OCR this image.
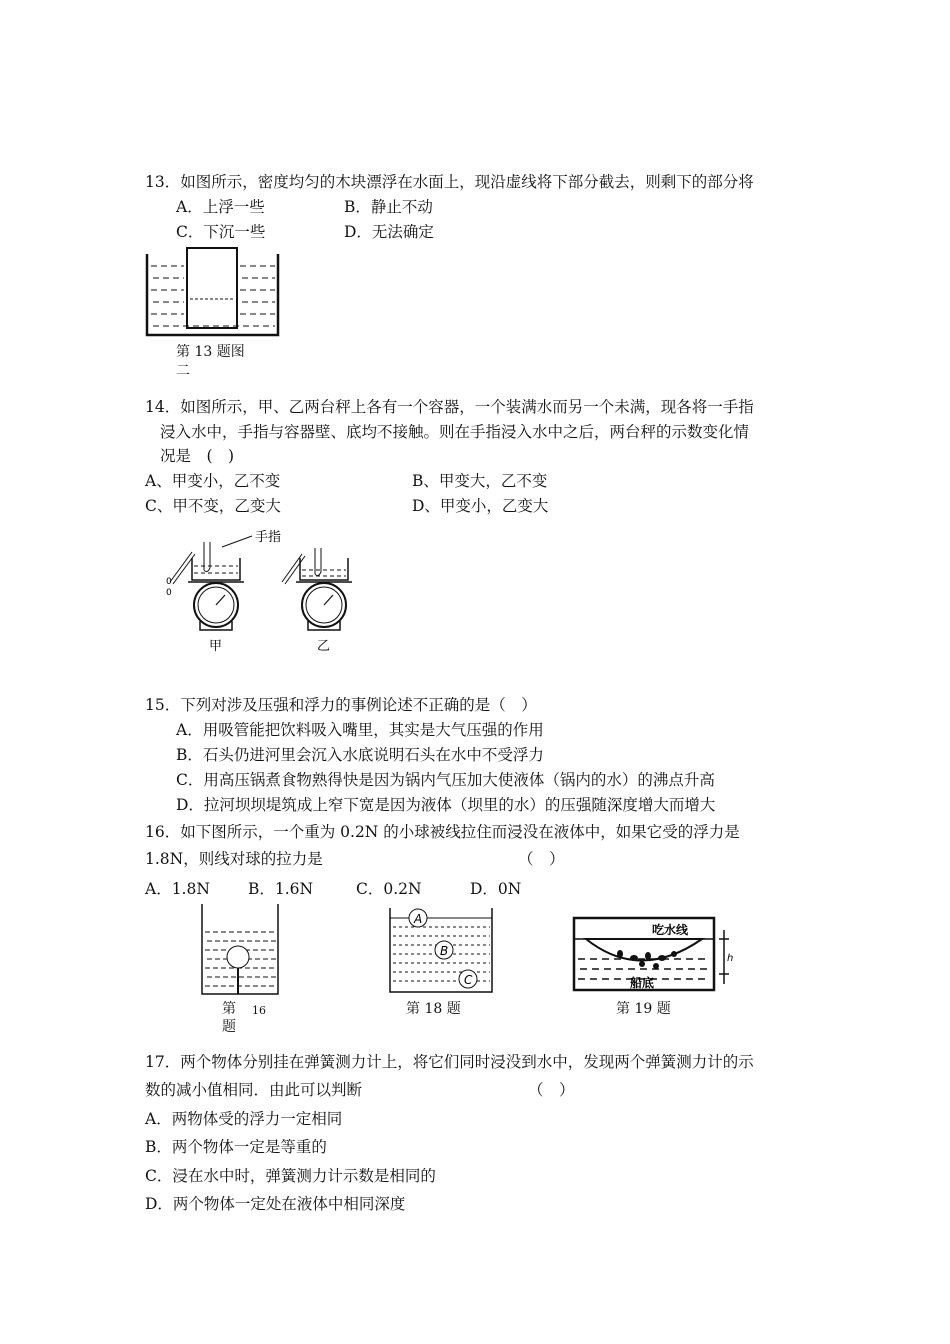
13．如图所示，密度均匀的木块漂浮在水面上，现沿虚线将下部分截去，则剩下的部分将
A．上浮一些	B．静止不动
C．下沉一些	D．无法确定
第 13 题图
二
14．如图所示，甲、乙两台秤上各有一个容器，一个装满水而另一个未满，现各将一手指
浸入水中，手指与容器壁、底均不接触。则在手指浸入水中之后，两台秤的示数变化情
况是　(　)
A、甲变小，乙不变	B、甲变大，乙不变
C、甲不变，乙变大	D、甲变小，乙变大
手指
0
0
甲	乙
15．下列对涉及压强和浮力的事例论述不正确的是（　）
A．用吸管能把饮料吸入嘴里，其实是大气压强的作用
B．石头仍进河里会沉入水底说明石头在水中不受浮力
C．用高压锅煮食物熟得快是因为锅内气压加大使液体（锅内的水）的沸点升高
D．拉河坝坝堤筑成上窄下宽是因为液体（坝里的水）的压强随深度增大而增大
16．如下图所示，一个重为 0.2N 的小球被线拉住而浸没在液体中，如果它受的浮力是
1.8N，则线对球的拉力是	（　）
A．1.8N B．1.6N	C．0.2N	D．0N
第 16
题
A
B
C
第 18 题
吃水线
船底
h
第 19 题
17．两个物体分别挂在弹簧测力计上，将它们同时浸没到水中，发现两个弹簧测力计的示
数的减小值相同．由此可以判断	（　）
A．两物体受的浮力一定相同
B．两个物体一定是等重的
C．浸在水中时，弹簧测力计示数是相同的
D．两个物体一定处在液体中相同深度
